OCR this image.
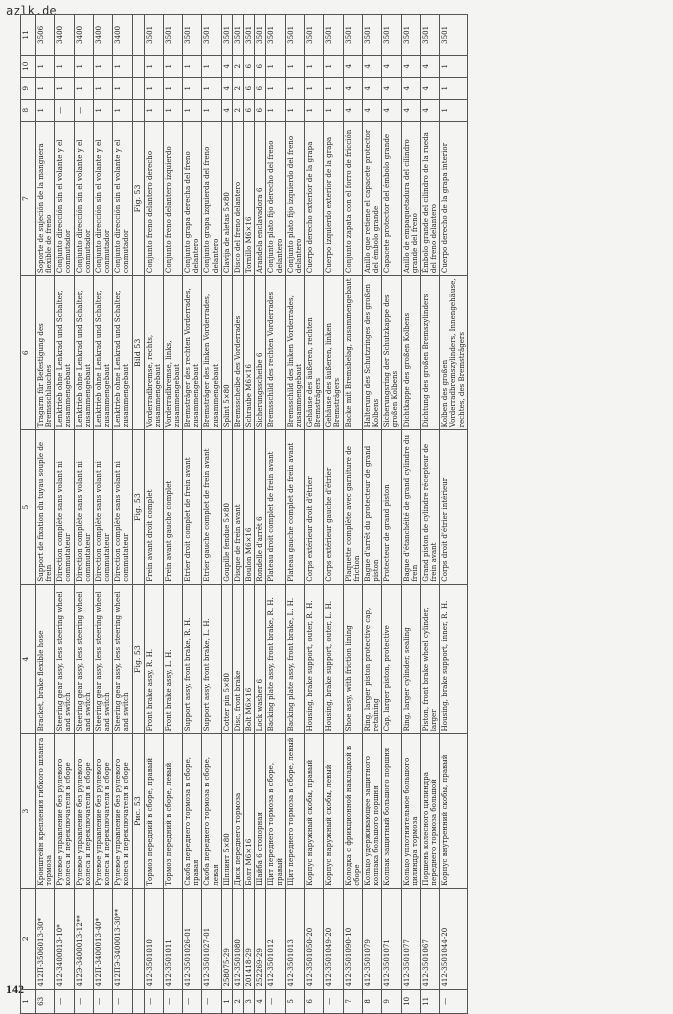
azlk.de
142
1	2	3	4	5	6	7	8	9	10	11
63	412П-3506013-30*	Кронштейн крепления гибкого шланга тормоза	Bracket, brake flexible hose	Support de fixation du tuyau souple de frein	Tragarm für Befestigung des Bremsschlauches	Soporte de sujeción de la manguera flexible de freno	1	1	1	3506
—	412-3400013-10*	Рулевое управление без рулевого колеса и переключателя в сборе	Steering gear assy, less steering wheel and switch	Direction complète sans volant ni commutateur	Lenktrieb ohne Lenkrad und Schalter, zusammengebaut	Conjunto dirección sin el volante y el conmutador	—	1	1	3400
—	412Э-3400013-12**	Рулевое управление без рулевого колеса и переключателя в сборе	Steering gear assy, less steering wheel and switch	Direction complète sans volant ni commutateur	Lenktrieb ohne Lenkrad und Schalter, zusammengebaut	Conjunto dirección sin el volante y el conmutador	—	1	1	3400
—	412П-3400013-40*	Рулевое управление без рулевого колеса и переключателя в сборе	Steering gear assy, less steering wheel and switch	Direction complète sans volant ni commutateur	Lenktrieb ohne Lenkrad und Schalter, zusammengebaut	Conjunto dirección sin el volante y el conmutador	1	1	1	3400
—	412ПЭ-3400013-30**	Рулевое управление без рулевого колеса и переключателя в сборе	Steering gear assy, less steering wheel and switch	Direction complète sans volant ni commutateur	Lenktrieb ohne Lenkrad und Schalter, zusammengebaut	Conjunto dirección sin el volante y el conmutador	1	1	1	3400
		Рис. 53	Fig. 53	Fig. 53	Bild 53	Fig. 53				
—	412-3501010	Тормоз передний в сборе, правый	Front brake assy, R. H.	Frein avant droit complet	Vorderradbremse, rechts, zusammengebaut	Conjunto freno delantero derecho	1	1	1	3501
—	412-3501011	Тормоз передний в сборе, левый	Front brake assy, L. H.	Frein avant gauche complet	Vorderradbremse, links, zusammengebaut	Conjunto freno delantero izquierdo	1	1	1	3501
—	412-3501026-01	Скоба переднего тормоза в сборе, правая	Support assy, front brake, R. H.	Etrier droit complet de frein avant	Bremsträger des rechten Vorderrades, zusammengebaut	Conjunto grapa derecha del freno delantero	1	1	1	3501
—	412-3501027-01	Скоба переднего тормоза в сборе, левая	Support assy, front brake, L. H.	Etrier gauche complet de frein avant	Bremsträger des linken Vorderrades, zusammengebaut	Conjunto grapa izquierda del freno delantero	1	1	1	3501
1	258075-29	Шплинт 5×80	Cotter pin 5×80	Goupille fendue 5×80	Splint 5×80	Clavija de aletas 5×80	4	4	4	3501
2	412-3501080	Диск переднего тормоза	Disc, front brake	Disque de frein avant	Bremsscheibe des Vorderrades	Disco del freno delantero	2	2	2	3501
3	201418-29	Болт М6×16	Bolt M6×16	Boulon M6×16	Schraube M6×16	Tornillo M6×16	6	6	6	3501
4	252269-29	Шайба 6 стопорная	Lock washer 6	Rondelle d'arrêt 6	Sicherungsscheibe 6	Arandela enclavadora 6	6	6	6	3501
—	412-3501012	Щит переднего тормоза в сборе, правый	Backing plate assy, front brake, R. H.	Plateau droit complet de frein avant	Bremsschild des rechten Vorderrades	Conjunto plato fijo derecho del freno delantero	1	1	1	3501
5	412-3501013	Щит переднего тормоза в сборе, левый	Backing plate assy, front brake, L. H.	Plateau gauche complet de frein avant	Bremsschild des linken Vorderrades, zusammengebaut	Conjunto plato fijo izquierdo del freno delantero	1	1	1	3501
6	412-3501050-20	Корпус наружный скобы, правый	Housing, brake support, outer, R. H.	Corps extérieur droit d'étrier	Gehäuse des äußeren, rechten Bremsträgers	Cuerpo derecho exterior de la grapa	1	1	1	3501
—	412-3501049-20	Корпус наружный скобы, левый	Housing, brake support, outer, L. H.	Corps extérieur gauche d'étrier	Gehäuse des äußeren, linken Bremsträgers	Cuerpo izquierdo exterior de la grapa	1	1	1	3501
7	412-3501090-10	Колодка с фрикционной накладкой в сборе	Shoe assy, with friction lining	Plaquette complète avec garniture de friction	Backe mit Bremsbelag, zusammengebaut	Conjunto zapata con el forro de fricción	4	4	4	3501
8	412-3501079	Кольцо удерживающее защитного колпака большого поршня	Ring, larger piston protective cap, retaining	Bague d'arrêt du protecteur de grand piston	Halterung des Schutzringes des großen Kolbens	Anillo que retiene el capacete protector del émbolo grande	4	4	4	3501
9	412-3501071	Колпак защитный большого поршня	Cap, larger piston, protective	Protecteur de grand piston	Sicherungsring der Schutzkappe des großen Kolbens	Capacete protector del émbolo grande	4	4	4	3501
10	412-3501077	Кольцо уплотнительное большого цилиндра тормоза	Ring, larger cylinder, sealing	Bague d'étanchéité de grand cylindre du frein	Dichtkappe des großen Kolbens	Anillo de empaquetadura del cilindro grande del freno	4	4	4	3501
11	412-3501067	Поршень колесного цилиндра переднего тормоза большой	Piston, front brake wheel cylinder, larger	Grand piston de cylindre récepteur de frein avant	Dichtung des großen Bremszylinders	Émbolo grande del cilindro de la rueda del freno delantero	4	4	4	3501
—	412-3501044-20	Корпус внутренний скобы, правый	Housing, brake support, inner, R. H.	Corps droit d'étrier intérieur	Kolben des großen Vorderradbremszylinders, Innengehäuse, rechtes, des Bremsträgers	Cuerpo derecho de la grapa interior	1	1	1	3501
